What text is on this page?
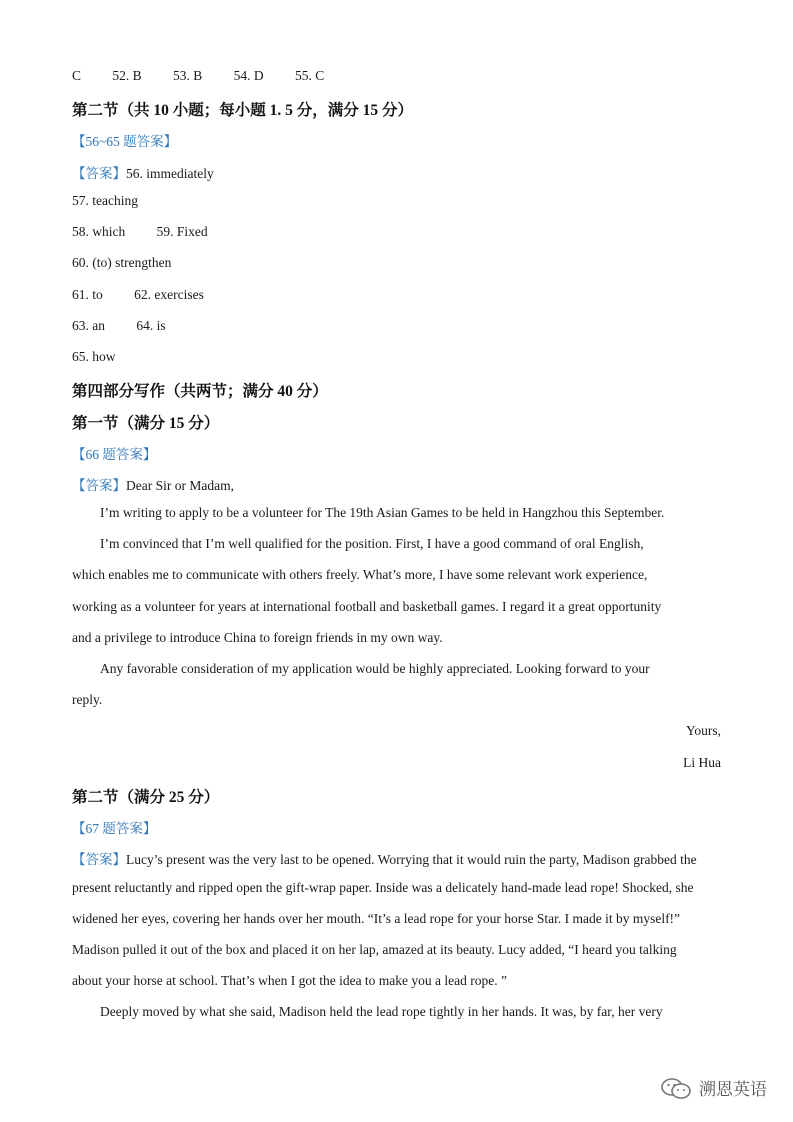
C 52. B 53. B 54. D 55. C
第二节（共 10 小题；每小题 1. 5 分，满分 15 分）
【56~65 题答案】
【答案】56. immediately
57. teaching
58. which 59. Fixed
60. (to) strengthen
61. to 62. exercises
63. an 64. is
65. how
第四部分写作（共两节；满分 40 分）
第一节（满分 15 分）
【66 题答案】
【答案】Dear Sir or Madam,
I’m writing to apply to be a volunteer for The 19th Asian Games to be held in Hangzhou this September.
I’m convinced that I’m well qualified for the position. First, I have a good command of oral English,
which enables me to communicate with others freely. What’s more, I have some relevant work experience,
working as a volunteer for years at international football and basketball games. I regard it a great opportunity
and a privilege to introduce China to foreign friends in my own way.
Any favorable consideration of my application would be highly appreciated. Looking forward to your
reply.
Yours,
Li Hua
第二节（满分 25 分）
【67 题答案】
【答案】Lucy’s present was the very last to be opened. Worrying that it would ruin the party, Madison grabbed the
present reluctantly and ripped open the gift-wrap paper. Inside was a delicately hand-made lead rope! Shocked, she
widened her eyes, covering her hands over her mouth. “It’s a lead rope for your horse Star. I made it by myself!”
Madison pulled it out of the box and placed it on her lap, amazed at its beauty. Lucy added, “I heard you talking
about your horse at school. That’s when I got the idea to make you a lead rope. ”
Deeply moved by what she said, Madison held the lead rope tightly in her hands. It was, by far, her very
溯恩英语
